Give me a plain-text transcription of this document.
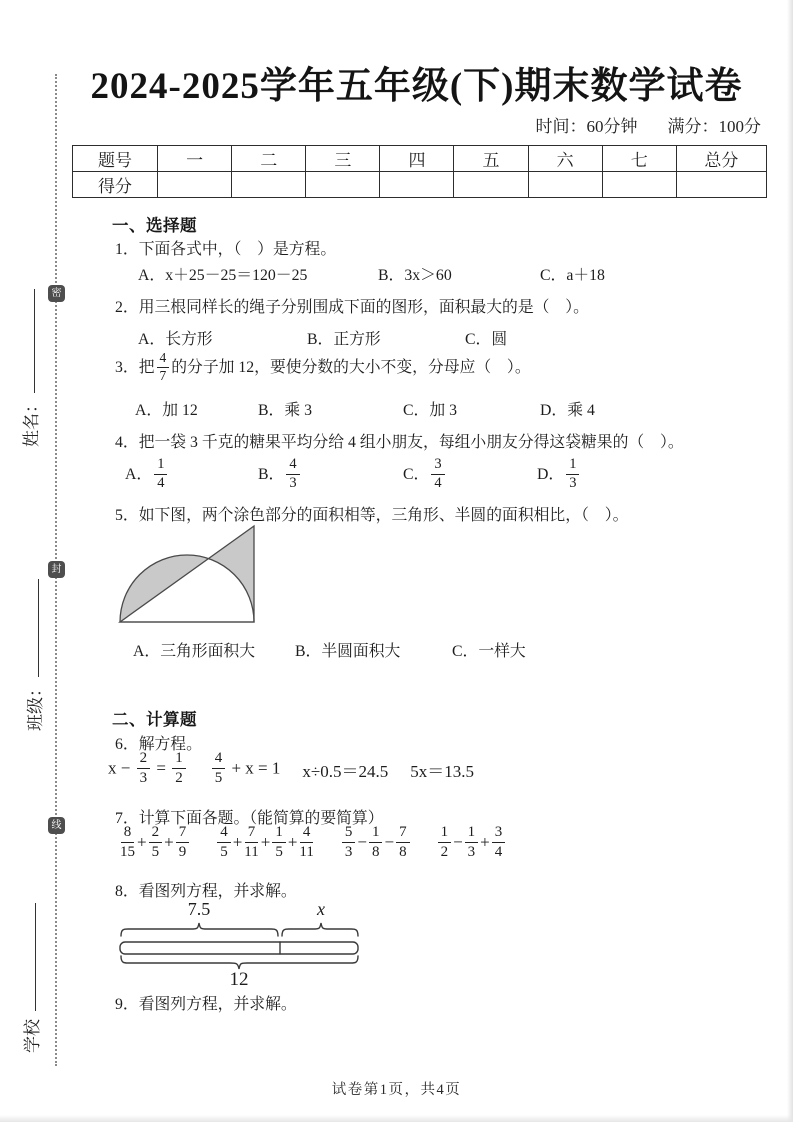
密
封
线
姓名：
班级：
学校
2024-2025学年五年级(下)期末数学试卷
时间：60分钟 满分：100分
题号	一	二	三	四	五	六	七	总分
得分								
一、选择题
1．下面各式中，（　）是方程。
A．x＋25－25＝120－25	B．3x＞60	C．a＋18
2．用三根同样长的绳子分别围成下面的图形，面积最大的是（　）。
A．长方形	B．正方形	C．圆
3．把 $\frac{4}{7}$ 的分子加 12，要使分数的大小不变，分母应（　）。
A．加 12	B．乘 3	C．加 3	D．乘 4
4．把一袋 3 千克的糖果平均分给 4 组小朋友，每组小朋友分得这袋糖果的（　）。
A． $\frac{1}{4}$	B． $\frac{4}{3}$	C． $\frac{3}{4}$	D． $\frac{1}{3}$
5．如下图，两个涂色部分的面积相等，三角形、半圆的面积相比，（　）。
A．三角形面积大	B．半圆面积大	C．一样大
二、计算题
6．解方程。
$x - \frac{2}{3} = \frac{1}{2} \frac{4}{5} + x = 1$ x÷0.5＝24.5 5x＝13.5
7．计算下面各题。（能简算的要简算）
$\frac{8}{15} + \frac{2}{5} + \frac{7}{9} \frac{4}{5} + \frac{7}{11} + \frac{1}{5} + \frac{4}{11} \frac{5}{3} - \frac{1}{8} - \frac{7}{8} \frac{1}{2} - \frac{1}{3} + \frac{3}{4}$
8．看图列方程，并求解。
7.5	x
12
9．看图列方程，并求解。
试卷第1页，共4页
